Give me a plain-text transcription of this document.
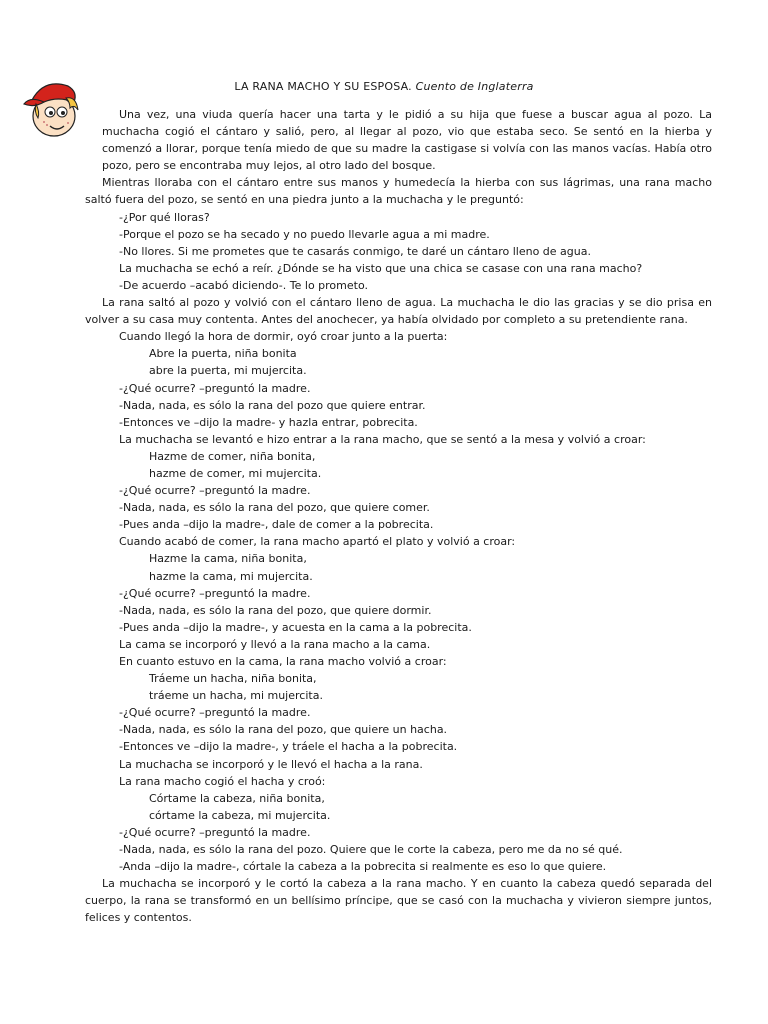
LA RANA MACHO Y SU ESPOSA. Cuento de Inglaterra

Una vez, una viuda quería hacer una tarta y le pidió a su hija que fuese a buscar agua al pozo. La muchacha cogió el cántaro y salió, pero, al llegar al pozo, vio que estaba seco. Se sentó en la hierba y comenzó a llorar, porque tenía miedo de que su madre la castigase si volvía con las manos vacías. Había otro pozo, pero se encontraba muy lejos, al otro lado del bosque.

Mientras lloraba con el cántaro entre sus manos y humedecía la hierba con sus lágrimas, una rana macho saltó fuera del pozo, se sentó en una piedra junto a la muchacha y le preguntó:

-¿Por qué lloras?

-Porque el pozo se ha secado y no puedo llevarle agua a mi madre.

-No llores. Si me prometes que te casarás conmigo, te daré un cántaro lleno de agua.

La muchacha se echó a reír. ¿Dónde se ha visto que una chica se casase con una rana macho?

-De acuerdo –acabó diciendo-. Te lo prometo.

La rana saltó al pozo y volvió con el cántaro lleno de agua. La muchacha le dio las gracias y se dio prisa en volver a su casa muy contenta. Antes del anochecer, ya había olvidado por completo a su pretendiente rana.

Cuando llegó la hora de dormir, oyó croar junto a la puerta:

Abre la puerta, niña bonita

abre la puerta, mi mujercita.

-¿Qué ocurre? –preguntó la madre.

-Nada, nada, es sólo la rana del pozo que quiere entrar.

-Entonces ve –dijo la madre- y hazla entrar, pobrecita.

La muchacha se levantó e hizo entrar a la rana macho, que se sentó a la mesa y volvió a croar:

Hazme de comer, niña bonita,

hazme de comer, mi mujercita.

-¿Qué ocurre? –preguntó la madre.

-Nada, nada, es sólo la rana del pozo, que quiere comer.

-Pues anda –dijo la madre-, dale de comer a la pobrecita.

Cuando acabó de comer, la rana macho apartó el plato y volvió a croar:

Hazme la cama, niña bonita,

hazme la cama, mi mujercita.

-¿Qué ocurre? –preguntó la madre.

-Nada, nada, es sólo la rana del pozo, que quiere dormir.

-Pues anda –dijo la madre-, y acuesta en la cama a la pobrecita.

La cama se incorporó y llevó a la rana macho a la cama.

En cuanto estuvo en la cama, la rana macho volvió a croar:

Tráeme un hacha, niña bonita,

tráeme un hacha, mi mujercita.

-¿Qué ocurre? –preguntó la madre.

-Nada, nada, es sólo la rana del pozo, que quiere un hacha.

-Entonces ve –dijo la madre-, y tráele el hacha a la pobrecita.

La muchacha se incorporó y le llevó el hacha a la rana.

La rana macho cogió el hacha y croó:

Córtame la cabeza, niña bonita,

córtame la cabeza, mi mujercita.

-¿Qué ocurre? –preguntó la madre.

-Nada, nada, es sólo la rana del pozo. Quiere que le corte la cabeza, pero me da no sé qué.

-Anda –dijo la madre-, córtale la cabeza a la pobrecita si realmente es eso lo que quiere.

La muchacha se incorporó y le cortó la cabeza a la rana macho. Y en cuanto la cabeza quedó separada del cuerpo, la rana se transformó en un bellísimo príncipe, que se casó con la muchacha y vivieron siempre juntos, felices y contentos.
